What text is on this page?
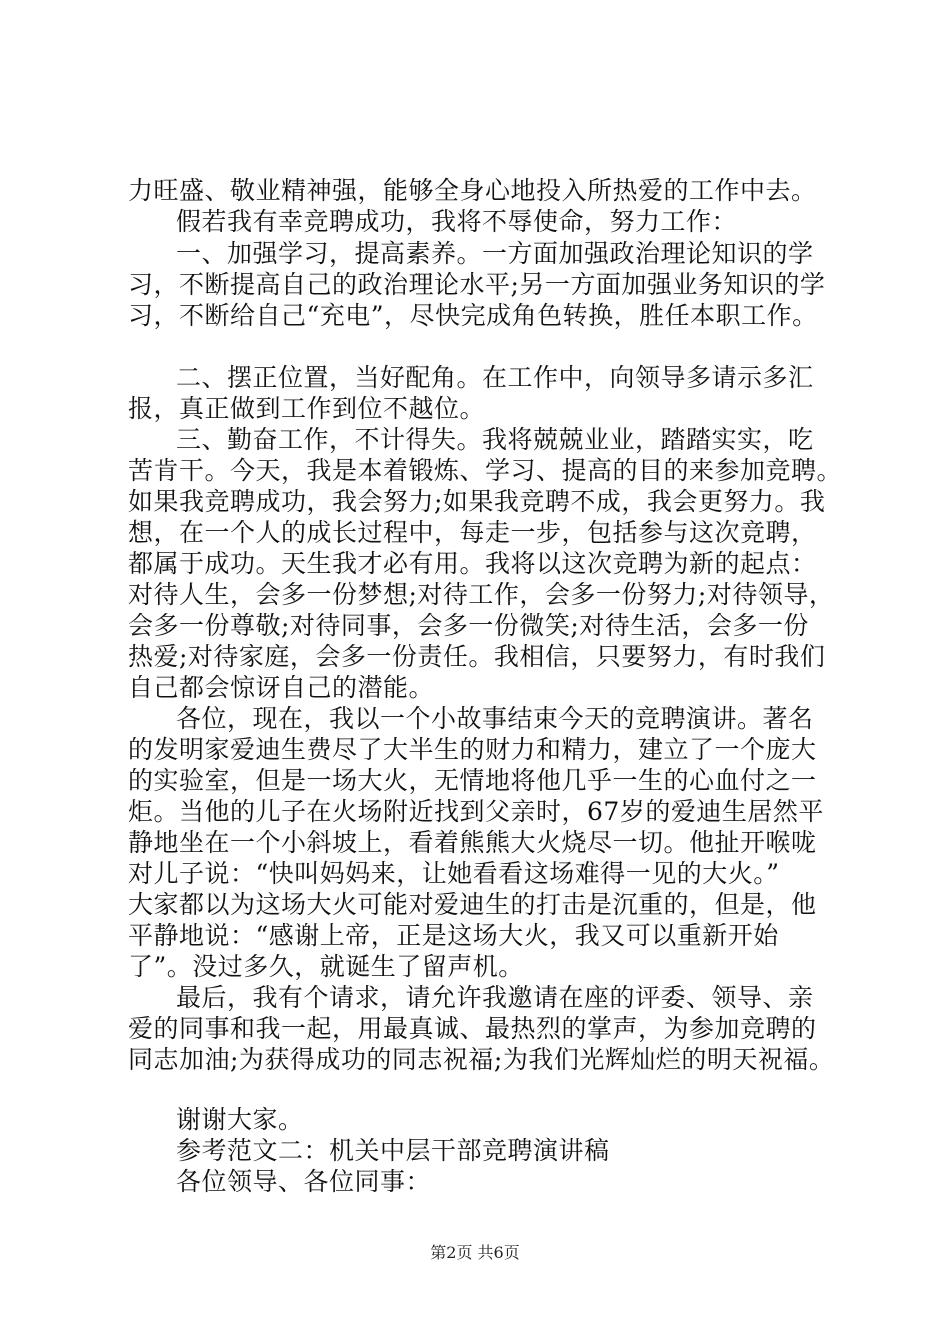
力旺盛、敬业精神强，能够全身心地投入所热爱的工作中去。
假若我有幸竞聘成功，我将不辱使命，努力工作：
一、加强学习，提高素养。一方面加强政治理论知识的学
习，不断提高自己的政治理论水平;另一方面加强业务知识的学
习，不断给自己“充电”，尽快完成角色转换，胜任本职工作。
二、摆正位置，当好配角。在工作中，向领导多请示多汇
报，真正做到工作到位不越位。
三、勤奋工作，不计得失。我将兢兢业业，踏踏实实，吃
苦肯干。今天，我是本着锻炼、学习、提高的目的来参加竞聘。
如果我竞聘成功，我会努力;如果我竞聘不成，我会更努力。我
想，在一个人的成长过程中，每走一步，包括参与这次竞聘，
都属于成功。天生我才必有用。我将以这次竞聘为新的起点：
对待人生，会多一份梦想;对待工作，会多一份努力;对待领导，
会多一份尊敬;对待同事，会多一份微笑;对待生活，会多一份
热爱;对待家庭，会多一份责任。我相信，只要努力，有时我们
自己都会惊讶自己的潜能。
各位，现在，我以一个小故事结束今天的竞聘演讲。著名
的发明家爱迪生费尽了大半生的财力和精力，建立了一个庞大
的实验室，但是一场大火，无情地将他几乎一生的心血付之一
炬。当他的儿子在火场附近找到父亲时，67岁的爱迪生居然平
静地坐在一个小斜坡上，看着熊熊大火烧尽一切。他扯开喉咙
对儿子说：“快叫妈妈来，让她看看这场难得一见的大火。”
大家都以为这场大火可能对爱迪生的打击是沉重的，但是，他
平静地说：“感谢上帝，正是这场大火，我又可以重新开始
了”。没过多久，就诞生了留声机。
最后，我有个请求，请允许我邀请在座的评委、领导、亲
爱的同事和我一起，用最真诚、最热烈的掌声，为参加竞聘的
同志加油;为获得成功的同志祝福;为我们光辉灿烂的明天祝福。
谢谢大家。
参考范文二：机关中层干部竞聘演讲稿
各位领导、各位同事：
第2页 共6页
